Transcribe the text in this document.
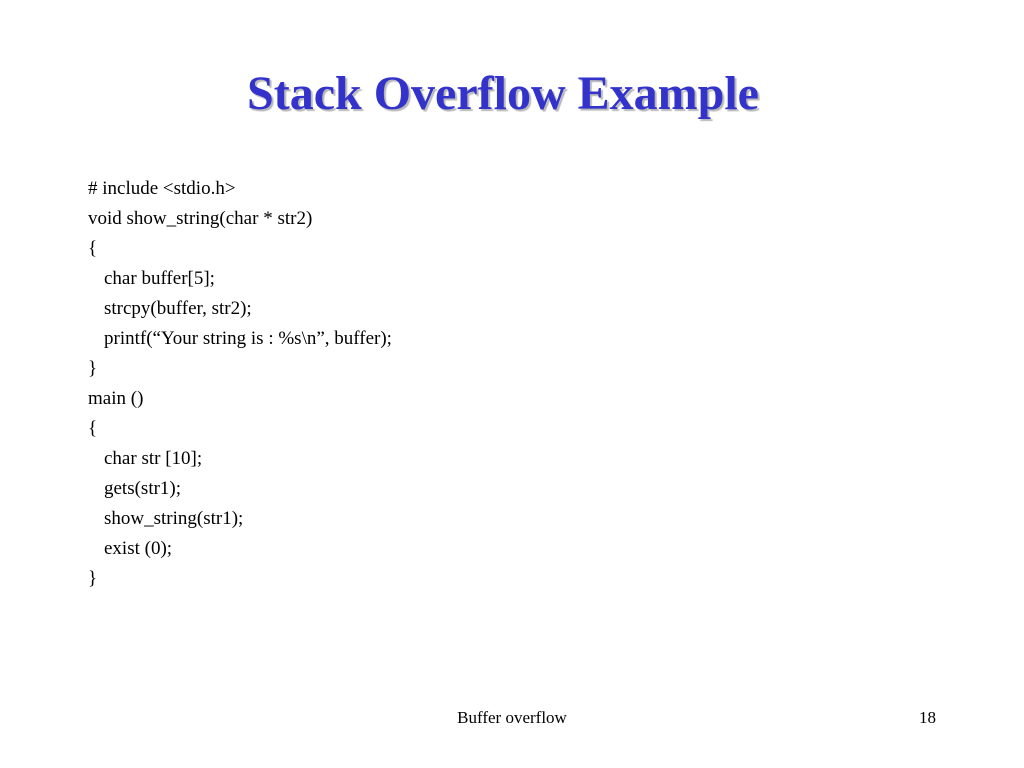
Stack Overflow Example
# include <stdio.h>
void show_string(char * str2)
{
char buffer[5];
strcpy(buffer, str2);
printf(“Your string is : %s\n”, buffer);
}
main ()
{
char str [10];
gets(str1);
show_string(str1);
exist (0);
}
Buffer overflow	18
